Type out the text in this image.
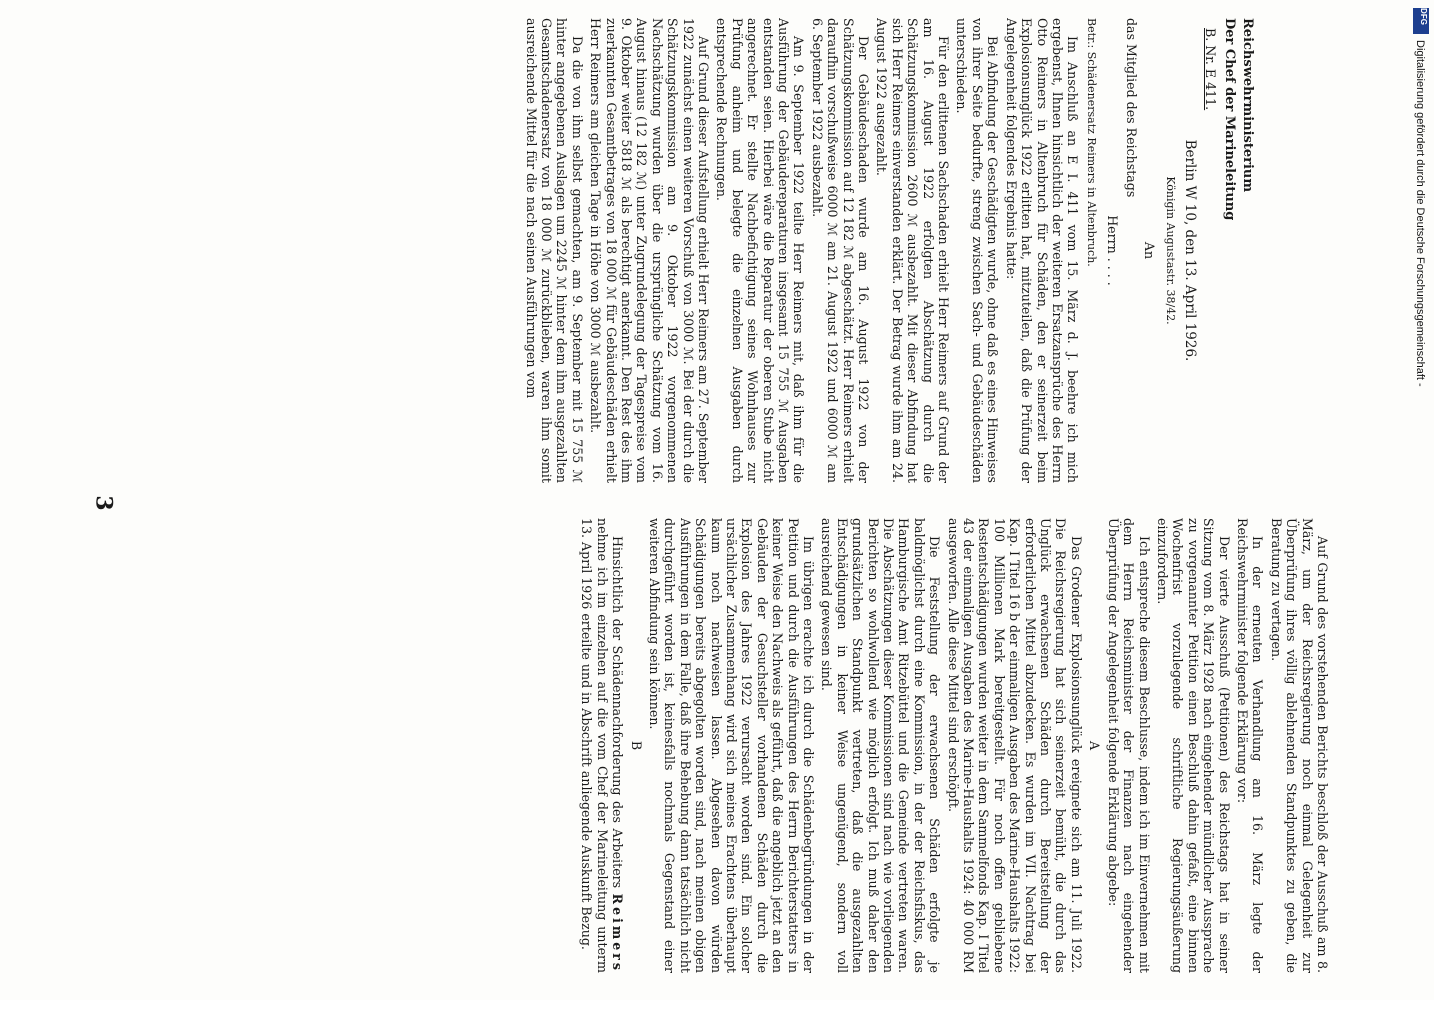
3

Auf Grund des vorstehenden Berichts beschloß der Ausschuß am 8. März, um der Reichsregierung noch einmal Gelegenheit zur Überprüfung ihres völlig ablehnenden Standpunktes zu geben, die Beratung zu vertagen.

In der erneuten Verhandlung am 16. März legte der Reichswehrminister folgende Erklärung vor:

Der vierte Ausschuß (Petitionen) des Reichstags hat in seiner Sitzung vom 8. März 1928 nach eingehender mündlicher Aussprache zu vorgenannter Petition einen Beschluß dahin gefaßt, eine binnen Wochenfrist vorzulegende schriftliche Regierungsäußerung einzufordern.

Ich entspreche diesem Beschlusse, indem ich im Einvernehmen mit dem Herrn Reichsminister der Finanzen nach eingehender Überprüfung der Angelegenheit folgende Erklärung abgebe:

A

Das Grodener Explosionsunglück ereignete sich am 11. Juli 1922. Die Reichsregierung hat sich seinerzeit bemüht, die durch das Unglück erwachsenen Schäden durch Bereitstellung der erforderlichen Mittel abzudecken. Es wurden im VII. Nachtrag bei Kap. I Titel 16 b der einmaligen Ausgaben des Marine-Haushalts 1922: 100 Millionen Mark bereitgestellt. Für noch offen gebliebene Restentschädigungen wurden weiter in dem Sammelfonds Kap. I Titel 43 der einmaligen Ausgaben des Marine-Haushalts 1924: 40 000 RM ausgeworfen. Alle diese Mittel sind erschöpft.

Die Feststellung der erwachsenen Schäden erfolgte je baldmöglichst durch eine Kommission, in der der Reichsfiskus, das Hamburgische Amt Ritzebüttel und die Gemeinde vertreten waren. Die Abschätzungen dieser Kommissionen sind nach wie vorliegenden Berichten so wohlwollend wie möglich erfolgt. Ich muß daher den grundsätzlichen Standpunkt vertreten, daß die ausgezahlten Entschädigungen in keiner Weise ungenügend, sondern voll ausreichend gewesen sind.

Im übrigen erachte ich durch die Schädenbegründungen in der Petition und durch die Ausführungen des Herrn Berichterstatters in keiner Weise den Nachweis als geführt, daß die angeblich jetzt an den Gebäuden der Gesuchsteller vorhandenen Schäden durch die Explosion des Jahres 1922 verursacht worden sind. Ein solcher ursächlicher Zusammenhang wird sich meines Erachtens überhaupt kaum noch nachweisen lassen. Abgesehen davon würden Schädigungen bereits abgegolten worden sind, nach meinen obigen Ausführungen in dem Falle, daß ihre Behebung dann tatsächlich nicht durchgeführt worden ist, keinesfalls nochmals Gegenstand einer weiteren Abfindung sein können.

B

Hinsichtlich der Schädennachforderung des Arbeiters Reimers nehme ich im einzelnen auf die vom Chef der Marineleitung unterm 13. April 1926 erteilte und in Abschrift anliegende Auskunft Bezug.

Reichswehrministerium

Der Chef der Marineleitung

B. Nr. E 411.

Berlin W 10, den 13. April 1926.

Königin Augustastr. 38/42.

An

das Mitglied des Reichstags

Herrn . . . .

Betr.: Schädenersatz Reimers in Altenbruch.

Im Anschluß an E I. 411 vom 15. März d. J. beehre ich mich ergebenst, Ihnen hinsichtlich der weiteren Ersatzansprüche des Herrn Otto Reimers in Altenbruch für Schäden, den er seinerzeit beim Explosionsunglück 1922 erlitten hat, mitzuteilen, daß die Prüfung der Angelegenheit folgendes Ergebnis hatte:

Bei Abfindung der Geschädigten wurde, ohne daß es eines Hinweises von ihrer Seite bedurfte, streng zwischen Sach- und Gebäudeschäden unterschieden.

Für den erlittenen Sachschaden erhielt Herr Reimers auf Grund der am 16. August 1922 erfolgten Abschätzung durch die Schätzungskommission 2600 ℳ ausbezahlt. Mit dieser Abfindung hat sich Herr Reimers einverstanden erklärt. Der Betrag wurde ihm am 24. August 1922 ausgezahlt.

Der Gebäudeschaden wurde am 16. August 1922 von der Schätzungskommission auf 12 182 ℳ abgeschätzt. Herr Reimers erhielt daraufhin vorschußweise 6000 ℳ am 21. August 1922 und 6000 ℳ am 6. September 1922 ausbezahlt.

Am 9. September 1922 teilte Herr Reimers mit, daß ihm für die Ausführung der Gebäudereparaturen insgesamt 15 755 ℳ Ausgaben entstanden seien. Hierbei wäre die Reparatur der oberen Stube nicht angerechnet. Er stellte Nachbefichtigung seines Wohnhauses zur Prüfung anheim und belegte die einzelnen Ausgaben durch entsprechende Rechnungen.

Auf Grund dieser Aufstellung erhielt Herr Reimers am 27. September 1922 zunächst einen weiteren Vorschuß von 3000 ℳ. Bei der durch die Schätzungskommission am 9. Oktober 1922 vorgenommenen Nachschätzung wurden über die ursprüngliche Schätzung vom 16. August hinaus (12 182 ℳ) unter Zugrundelegung der Tagespreise vom 9. Oktober weiter 5818 ℳ als berechtigt anerkannt. Den Rest des ihm zuerkannten Gesamtbetrages von 18 000 ℳ für Gebäudeschäden erhielt Herr Reimers am gleichen Tage in Höhe von 3000 ℳ ausbezahlt.

Da die von ihm selbst gemachten, am 9. September mit 15 755 ℳ hinter angegebenen Auslagen um 2245 ℳ hinter dem ihm ausgezahlten Gesamtschadenersatz von 18 000 ℳ zurückblieben, waren ihm somit ausreichende Mittel für die nach seinen Ausführungen vom

DFG
Digitalisierung gefördert durch die Deutsche Forschungsgemeinschaft -
